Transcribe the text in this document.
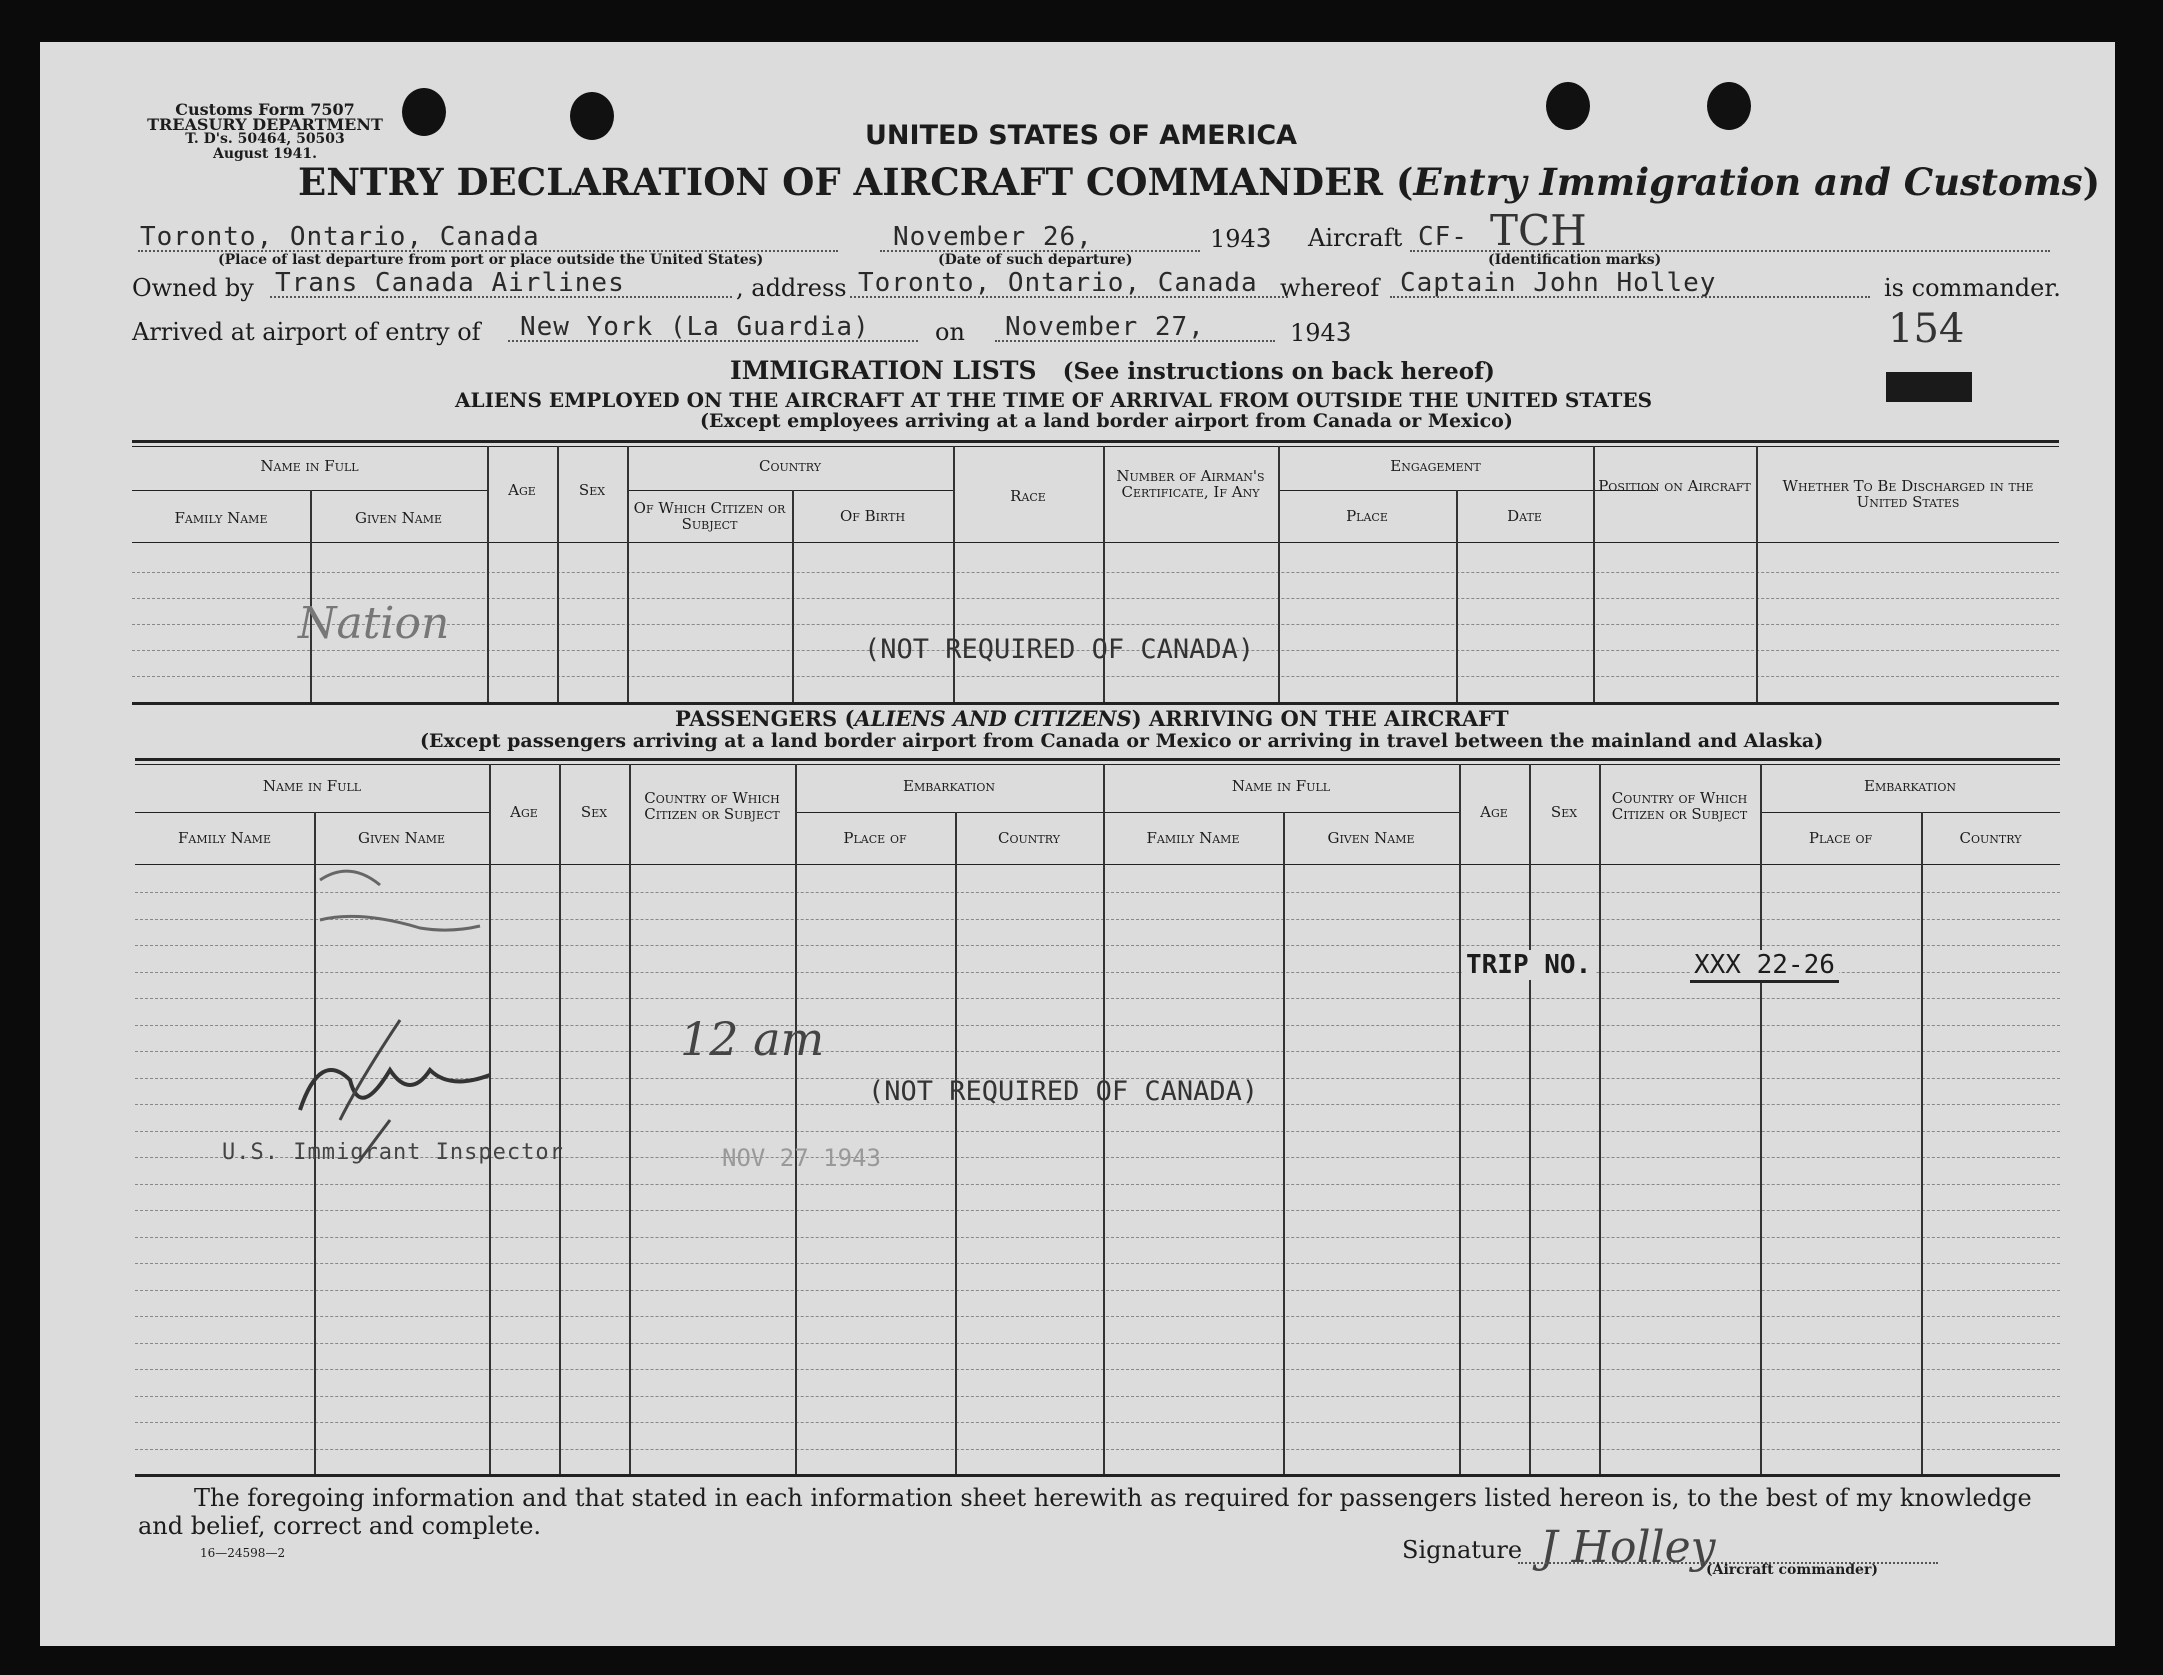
Customs Form 7507
TREASURY DEPARTMENT
T. D's. 50464, 50503
August 1941.
UNITED STATES OF AMERICA
ENTRY DECLARATION OF AIRCRAFT COMMANDER (Entry Immigration and Customs)
Toronto, Ontario, Canada
(Place of last departure from port or place outside the United States)
November 26,	1943
(Date of such departure)
Aircraft CF- TCH
(Identification marks)
Owned by Trans Canada Airlines	, address Toronto, Ontario, Canada whereof Captain John Holley	is commander.
Arrived at airport of entry of New York (La Guardia)	on November 27,	1943	154
IMMIGRATION LISTS (See instructions on back hereof)
ALIENS EMPLOYED ON THE AIRCRAFT AT THE TIME OF ARRIVAL FROM OUTSIDE THE UNITED STATES
(Except employees arriving at a land border airport from Canada or Mexico)
Name in Full
Family Name	Given Name
Age	Sex
Country
Of Which Citizen or Subject	Of Birth
Race
Number of Airman's Certificate, If Any
Engagement
Place	Date
Position on Aircraft	Whether To Be Discharged in the United States
Nation
(NOT REQUIRED OF CANADA)
PASSENGERS (ALIENS AND CITIZENS) ARRIVING ON THE AIRCRAFT
(Except passengers arriving at a land border airport from Canada or Mexico or arriving in travel between the mainland and Alaska)
Name in Full
Family Name	Given Name
Age	Sex
Country of Which Citizen or Subject
Embarkation
Place of	Country
Name in Full
Family Name	Given Name
Age	Sex
Country of Which Citizen or Subject
Embarkation
Place of	Country
TRIP NO.	XXX 22-26
12 am
(NOT REQUIRED OF CANADA)
U.S. Immigrant Inspector	NOV 27 1943
The foregoing information and that stated in each information sheet herewith as required for passengers listed hereon is, to the best of my knowledge and belief, correct and complete.
16—24598—2	Signature J Holley
(Aircraft commander)
